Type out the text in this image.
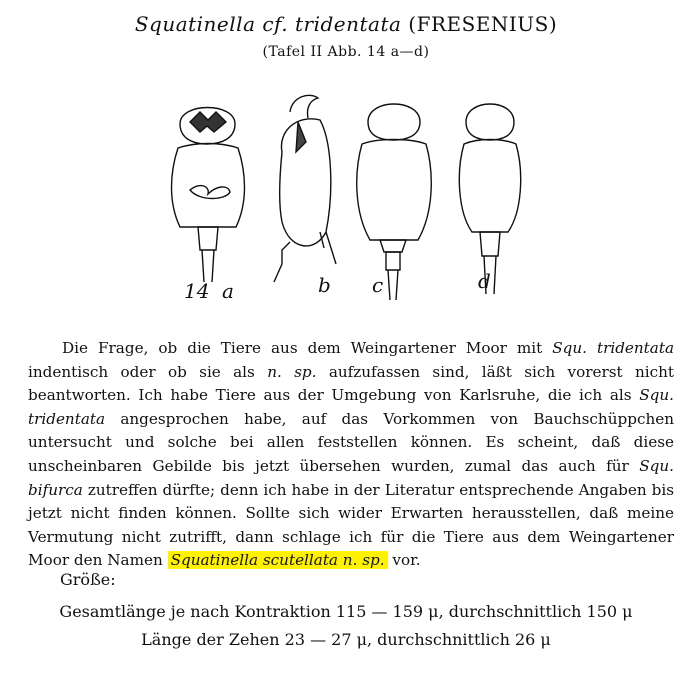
Squatinella cf. tridentata (FRESENIUS)
(Tafel II Abb. 14 a—d)
14 a	b c	d

Die Frage, ob die Tiere aus dem Weingartener Moor mit Squ. tridentata indentisch oder ob sie als n. sp. aufzufassen sind, läßt sich vorerst nicht beantworten. Ich habe Tiere aus der Umgebung von Karlsruhe, die ich als Squ. tridentata angesprochen habe, auf das Vorkommen von Bauchschüppchen untersucht und solche bei allen feststellen können. Es scheint, daß diese unscheinbaren Gebilde bis jetzt übersehen wurden, zumal das auch für Squ. bifurca zutreffen dürfte; denn ich habe in der Literatur entsprechende Angaben bis jetzt nicht finden können. Sollte sich wider Erwarten herausstellen, daß meine Vermutung nicht zutrifft, dann schlage ich für die Tiere aus dem Weingartener Moor den Namen Squatinella scutellata n. sp. vor.

Größe:
Gesamtlänge je nach Kontraktion 115 — 159 μ, durchschnittlich 150 μ
Länge der Zehen 23 — 27 μ, durchschnittlich 26 μ
